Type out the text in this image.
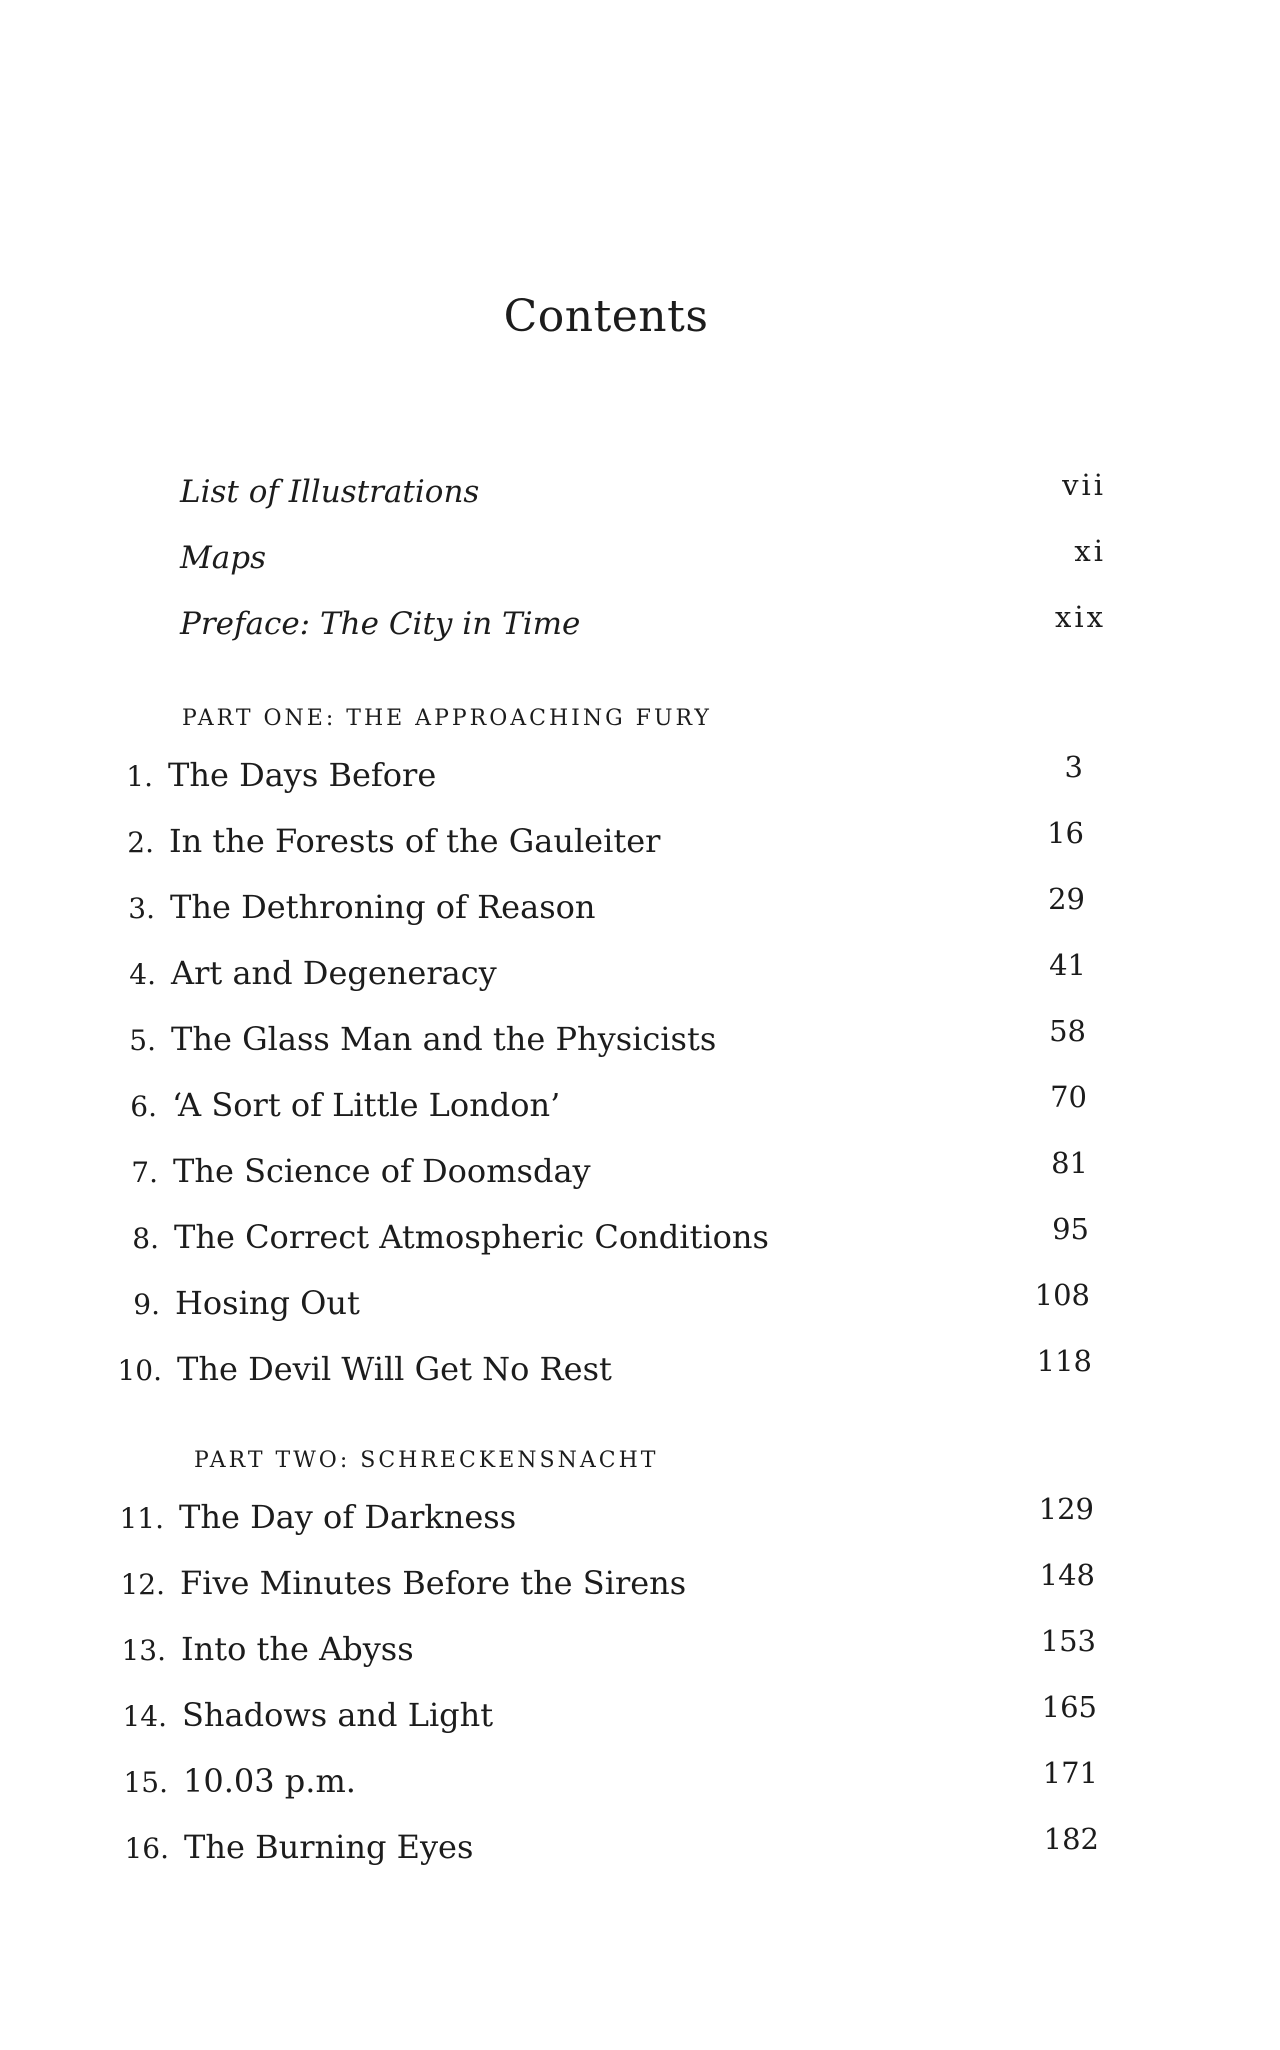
Contents
List of Illustrations	vii
Maps	xi
Preface: The City in Time	xix
PART ONE: THE APPROACHING FURY
1. The Days Before	3
2. In the Forests of the Gauleiter	16
3. The Dethroning of Reason	29
4. Art and Degeneracy	41
5. The Glass Man and the Physicists	58
6. ‘A Sort of Little London’	70
7. The Science of Doomsday	81
8. The Correct Atmospheric Conditions	95
9. Hosing Out	108
10. The Devil Will Get No Rest	118
PART TWO: SCHRECKENSNACHT
11. The Day of Darkness	129
12. Five Minutes Before the Sirens	148
13. Into the Abyss	153
14. Shadows and Light	165
15. 10.03 p.m.	171
16. The Burning Eyes	182
